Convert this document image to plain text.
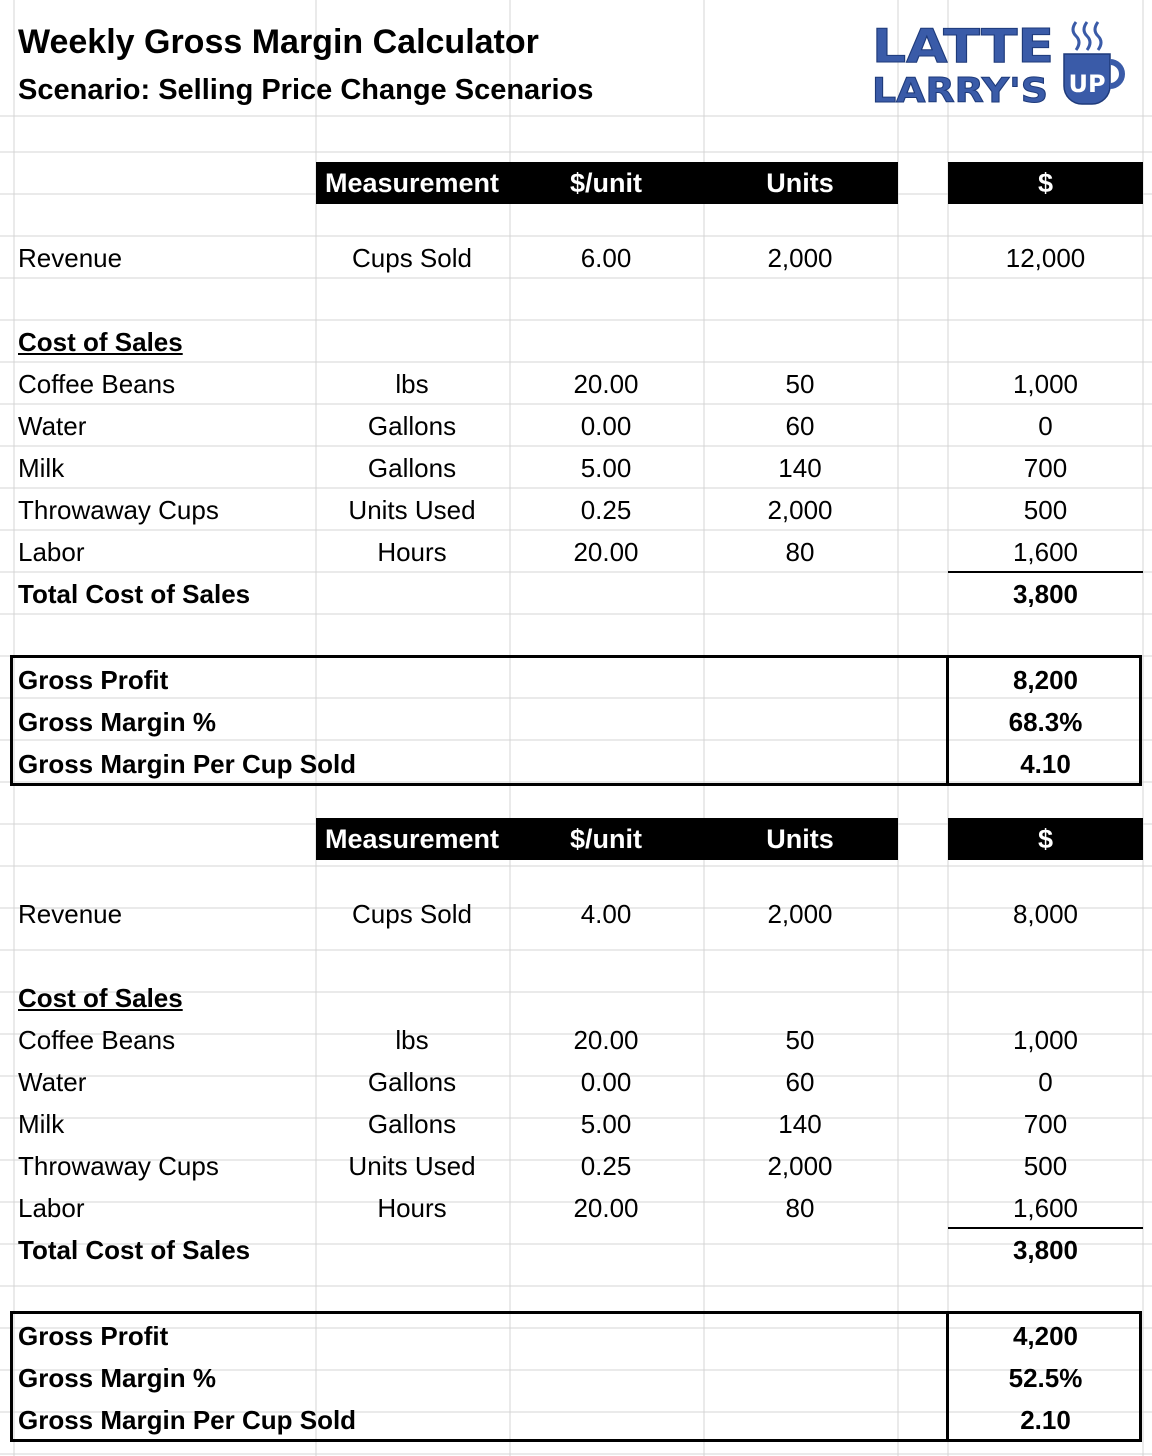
Weekly Gross Margin Calculator
Scenario: Selling Price Change Scenarios
LATTE
LARRY'S UP
Measurement	$/unit	Units	$
Revenue	Cups Sold	6.00	2,000	12,000
Cost of Sales
Coffee Beans	lbs	20.00	50	1,000
Water	Gallons	0.00	60	0
Milk	Gallons	5.00	140	700
Throwaway Cups	Units Used	0.25	2,000	500
Labor	Hours	20.00	80	1,600
Total Cost of Sales	3,800
Gross Profit	8,200
Gross Margin %	68.3%
Gross Margin Per Cup Sold	4.10
Measurement	$/unit	Units	$
Revenue	Cups Sold	4.00	2,000	8,000
Cost of Sales
Coffee Beans	lbs	20.00	50	1,000
Water	Gallons	0.00	60	0
Milk	Gallons	5.00	140	700
Throwaway Cups	Units Used	0.25	2,000	500
Labor	Hours	20.00	80	1,600
Total Cost of Sales	3,800
Gross Profit	4,200
Gross Margin %	52.5%
Gross Margin Per Cup Sold	2.10
